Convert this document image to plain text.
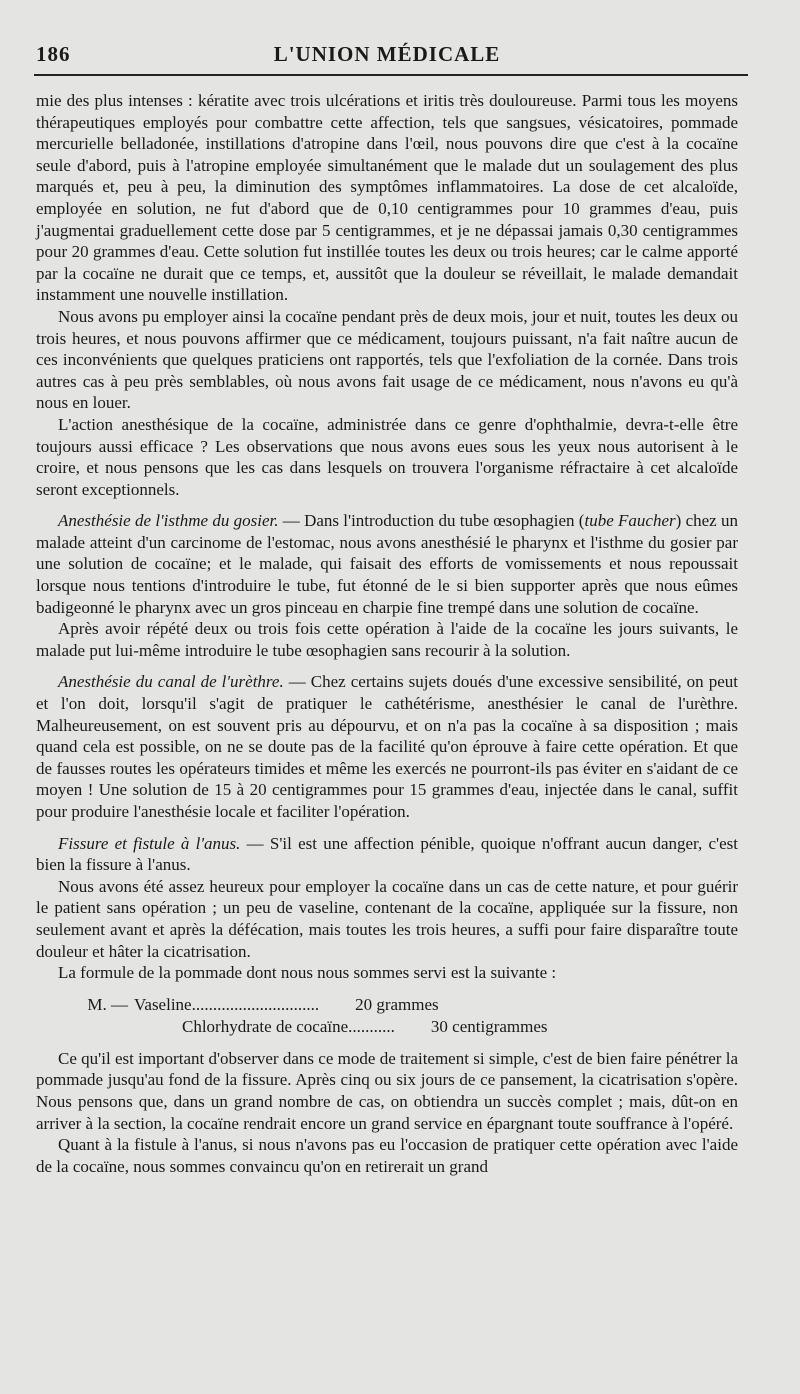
186	L'UNION MÉDICALE

mie des plus intenses : kératite avec trois ulcérations et iritis très douloureuse. Parmi tous les moyens thérapeutiques employés pour combattre cette affection, tels que sangsues, vésicatoires, pommade mercurielle belladonée, instillations d'atropine dans l'œil, nous pouvons dire que c'est à la cocaïne seule d'abord, puis à l'atropine employée simultanément que le malade dut un soulagement des plus marqués et, peu à peu, la diminution des symptômes inflammatoires. La dose de cet alcaloïde, employée en solution, ne fut d'abord que de 0,10 centigrammes pour 10 grammes d'eau, puis j'augmentai graduellement cette dose par 5 centigrammes, et je ne dépassai jamais 0,30 centigrammes pour 20 grammes d'eau. Cette solution fut instillée toutes les deux ou trois heures; car le calme apporté par la cocaïne ne durait que ce temps, et, aussitôt que la douleur se réveillait, le malade demandait instamment une nouvelle instillation.

Nous avons pu employer ainsi la cocaïne pendant près de deux mois, jour et nuit, toutes les deux ou trois heures, et nous pouvons affirmer que ce médicament, toujours puissant, n'a fait naître aucun de ces inconvénients que quelques praticiens ont rapportés, tels que l'exfoliation de la cornée. Dans trois autres cas à peu près semblables, où nous avons fait usage de ce médicament, nous n'avons eu qu'à nous en louer.

L'action anesthésique de la cocaïne, administrée dans ce genre d'ophthalmie, devra-t-elle être toujours aussi efficace ? Les observations que nous avons eues sous les yeux nous autorisent à le croire, et nous pensons que les cas dans lesquels on trouvera l'organisme réfractaire à cet alcaloïde seront exceptionnels.

Anesthésie de l'isthme du gosier. — Dans l'introduction du tube œsophagien (tube Faucher) chez un malade atteint d'un carcinome de l'estomac, nous avons anesthésié le pharynx et l'isthme du gosier par une solution de cocaïne; et le malade, qui faisait des efforts de vomissements et nous repoussait lorsque nous tentions d'introduire le tube, fut étonné de le si bien supporter après que nous eûmes badigeonné le pharynx avec un gros pinceau en charpie fine trempé dans une solution de cocaïne.

Après avoir répété deux ou trois fois cette opération à l'aide de la cocaïne les jours suivants, le malade put lui-même introduire le tube œsophagien sans recourir à la solution.

Anesthésie du canal de l'urèthre. — Chez certains sujets doués d'une excessive sensibilité, on peut et l'on doit, lorsqu'il s'agit de pratiquer le cathétérisme, anesthésier le canal de l'urèthre. Malheureusement, on est souvent pris au dépourvu, et on n'a pas la cocaïne à sa disposition ; mais quand cela est possible, on ne se doute pas de la facilité qu'on éprouve à faire cette opération. Et que de fausses routes les opérateurs timides et même les exercés ne pourront-ils pas éviter en s'aidant de ce moyen ! Une solution de 15 à 20 centigrammes pour 15 grammes d'eau, injectée dans le canal, suffit pour produire l'anesthésie locale et faciliter l'opération.

Fissure et fistule à l'anus. — S'il est une affection pénible, quoique n'offrant aucun danger, c'est bien la fissure à l'anus.

Nous avons été assez heureux pour employer la cocaïne dans un cas de cette nature, et pour guérir le patient sans opération ; un peu de vaseline, contenant de la cocaïne, appliquée sur la fissure, non seulement avant et après la défécation, mais toutes les trois heures, a suffi pour faire disparaître toute douleur et hâter la cicatrisation.

La formule de la pommade dont nous nous sommes servi est la suivante :

M. — Vaseline .............................. 20 grammes
Chlorhydrate de cocaïne ........... 30 centigrammes

Ce qu'il est important d'observer dans ce mode de traitement si simple, c'est de bien faire pénétrer la pommade jusqu'au fond de la fissure. Après cinq ou six jours de ce pansement, la cicatrisation s'opère. Nous pensons que, dans un grand nombre de cas, on obtiendra un succès complet ; mais, dût-on en arriver à la section, la cocaïne rendrait encore un grand service en épargnant toute souffrance à l'opéré.

Quant à la fistule à l'anus, si nous n'avons pas eu l'occasion de pratiquer cette opération avec l'aide de la cocaïne, nous sommes convaincu qu'on en retirerait un grand
